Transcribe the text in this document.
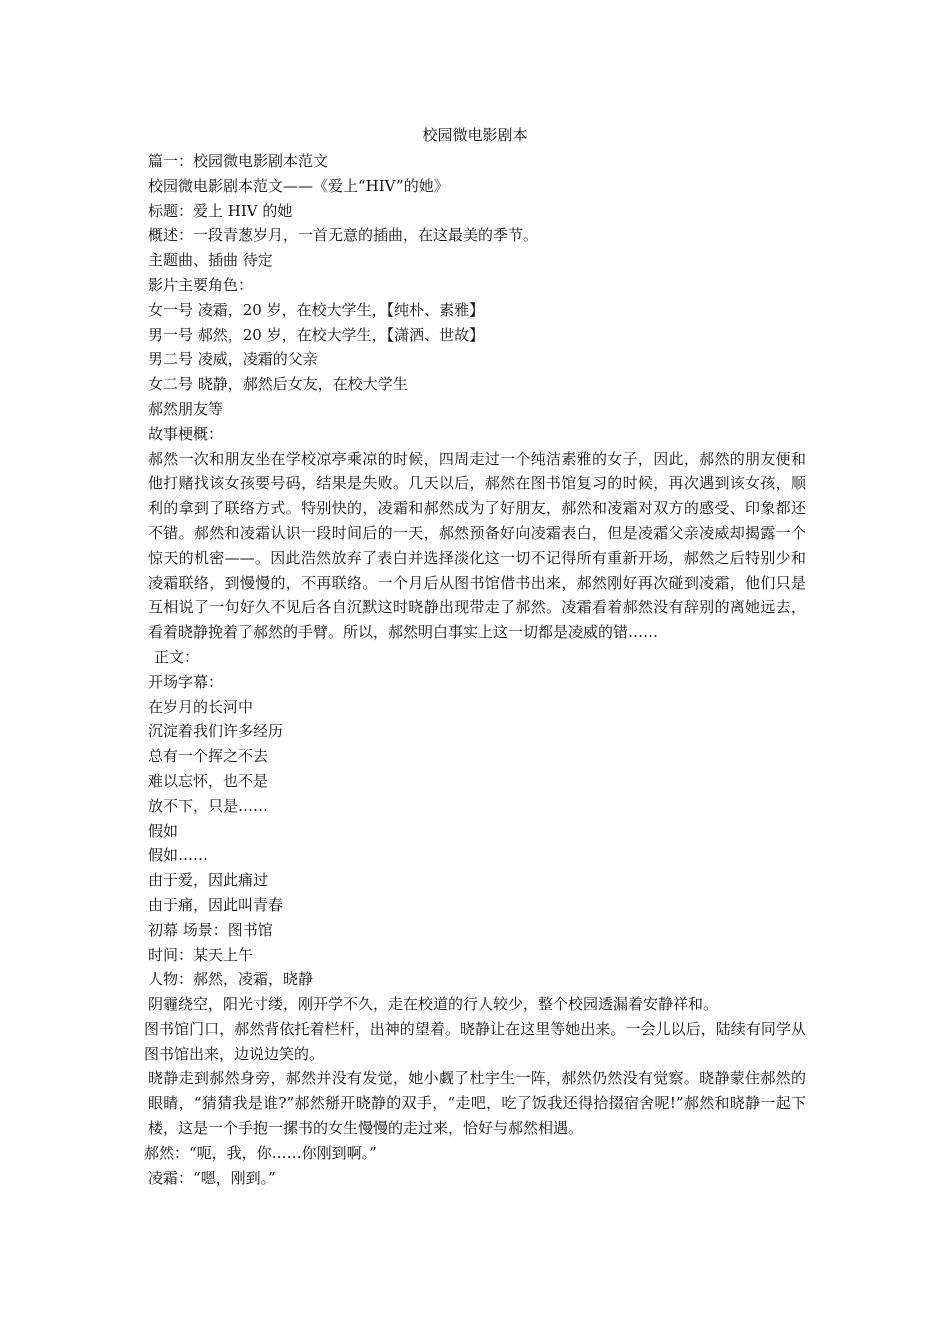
校园微电影剧本
篇一：校园微电影剧本范文
校园微电影剧本范文——《爱上“HIV”的她》
标题：爱上 HIV 的她
概述：一段青葱岁月，一首无意的插曲，在这最美的季节。
主题曲、插曲 待定
影片主要角色：
女一号 凌霜，20 岁，在校大学生，【纯朴、素雅】
男一号 郝然，20 岁，在校大学生，【潇洒、世故】
男二号 凌威，凌霜的父亲
女二号 晓静，郝然后女友，在校大学生
郝然朋友等
故事梗概：
郝然一次和朋友坐在学校凉亭乘凉的时候，四周走过一个纯洁素雅的女子，因此，郝然的朋友便和他打赌找该女孩要号码，结果是失败。几天以后，郝然在图书馆复习的时候，再次遇到该女孩，顺利的拿到了联络方式。特别快的，凌霜和郝然成为了好朋友，郝然和凌霜对双方的感受、印象都还不错。郝然和凌霜认识一段时间后的一天，郝然预备好向凌霜表白，但是凌霜父亲凌威却揭露一个惊天的机密——。因此浩然放弃了表白并选择淡化这一切不记得所有重新开场，郝然之后特别少和凌霜联络，到慢慢的，不再联络。一个月后从图书馆借书出来，郝然刚好再次碰到凌霜，他们只是互相说了一句好久不见后各自沉默这时晓静出现带走了郝然。凌霜看着郝然没有辞别的离她远去，看着晓静挽着了郝然的手臂。所以，郝然明白事实上这一切都是凌威的错……
正文：
开场字幕：
在岁月的长河中
沉淀着我们许多经历
总有一个挥之不去
难以忘怀，也不是
放不下，只是……
假如
假如……
由于爱，因此痛过
由于痛，因此叫青春
初幕 场景：图书馆
时间：某天上午
人物：郝然，凌霜，晓静
阴霾绕空，阳光寸缕，刚开学不久，走在校道的行人较少，整个校园透漏着安静祥和。
图书馆门口，郝然背依托着栏杆，出神的望着。晓静让在这里等她出来。一会儿以后，陆续有同学从图书馆出来，边说边笑的。
晓静走到郝然身旁，郝然并没有发觉，她小觑了杜宇生一阵，郝然仍然没有觉察。晓静蒙住郝然的眼睛，“猜猜我是谁?”郝然掰开晓静的双手，“走吧，吃了饭我还得拾掇宿舍呢!”郝然和晓静一起下楼，这是一个手抱一摞书的女生慢慢的走过来，恰好与郝然相遇。
郝然：“呃，我，你……你刚到啊。”
凌霜：“嗯，刚到。”
